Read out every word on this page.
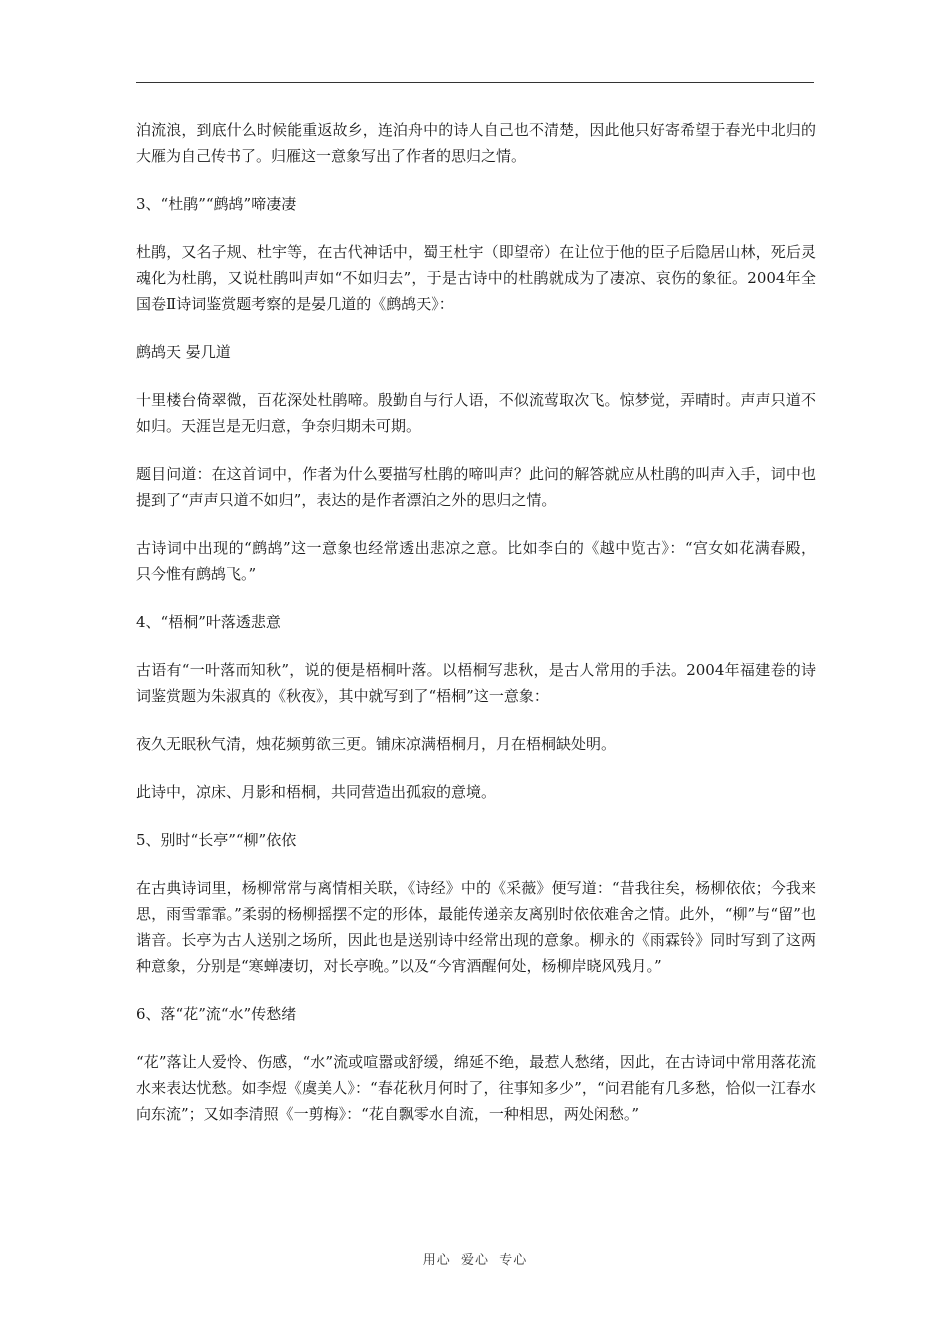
泊流浪，到底什么时候能重返故乡，连泊舟中的诗人自己也不清楚，因此他只好寄希望于春光中北归的大雁为自己传书了。归雁这一意象写出了作者的思归之情。

3、“杜鹃”“鹧鸪”啼凄凄

杜鹃，又名子规、杜宇等，在古代神话中，蜀王杜宇（即望帝）在让位于他的臣子后隐居山林，死后灵魂化为杜鹃，又说杜鹃叫声如“不如归去”，于是古诗中的杜鹃就成为了凄凉、哀伤的象征。2004年全国卷Ⅱ诗词鉴赏题考察的是晏几道的《鹧鸪天》：

鹧鸪天 晏几道

十里楼台倚翠微，百花深处杜鹃啼。殷勤自与行人语，不似流莺取次飞。惊梦觉，弄晴时。声声只道不如归。天涯岂是无归意，争奈归期未可期。

题目问道：在这首词中，作者为什么要描写杜鹃的啼叫声？此问的解答就应从杜鹃的叫声入手，词中也提到了“声声只道不如归”，表达的是作者漂泊之外的思归之情。

古诗词中出现的“鹧鸪”这一意象也经常透出悲凉之意。比如李白的《越中览古》：“宫女如花满春殿， 只今惟有鹧鸪飞。”

4、“梧桐”叶落透悲意

古语有“一叶落而知秋”，说的便是梧桐叶落。以梧桐写悲秋，是古人常用的手法。2004年福建卷的诗词鉴赏题为朱淑真的《秋夜》，其中就写到了“梧桐”这一意象：

夜久无眠秋气清，烛花频剪欲三更。铺床凉满梧桐月，月在梧桐缺处明。

此诗中，凉床、月影和梧桐，共同营造出孤寂的意境。

5、别时“长亭”“柳”依依

在古典诗词里，杨柳常常与离情相关联，《诗经》中的《采薇》便写道：“昔我往矣，杨柳依依；今我来思，雨雪霏霏。”柔弱的杨柳摇摆不定的形体，最能传递亲友离别时依依难舍之情。此外，“柳”与“留”也谐音。长亭为古人送别之场所，因此也是送别诗中经常出现的意象。柳永的《雨霖铃》同时写到了这两种意象，分别是“寒蝉凄切，对长亭晚。”以及“今宵酒醒何处，杨柳岸晓风残月。”

6、落“花”流“水”传愁绪

“花”落让人爱怜、伤感，“水”流或喧嚣或舒缓，绵延不绝，最惹人愁绪，因此，在古诗词中常用落花流水来表达忧愁。如李煜《虞美人》：“春花秋月何时了，往事知多少”，“问君能有几多愁，恰似一江春水向东流”；又如李清照《一剪梅》：“花自飘零水自流，一种相思，两处闲愁。”

用心  爱心  专心
